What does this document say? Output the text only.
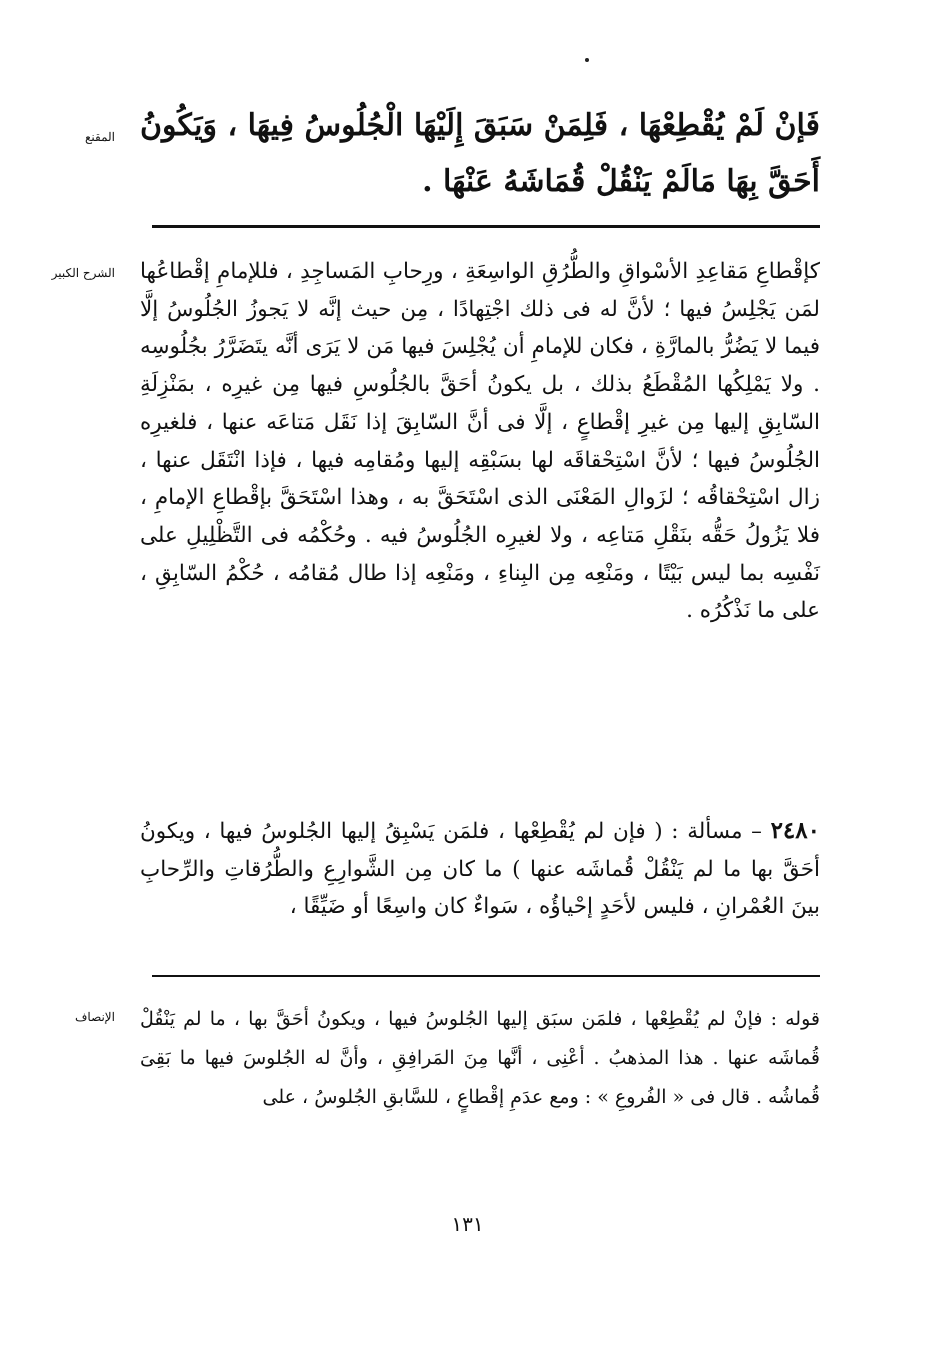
المقنع فَإنْ لَمْ يُقْطِعْهَا ، فَلِمَنْ سَبَقَ إِلَيْهَا الْجُلُوسُ فِيهَا ، وَيَكُونُ أَحَقَّ بِهَا مَالَمْ يَنْقُلْ قُمَاشَهُ عَنْهَا .

الشرح الكبير كإقْطاعِ مَقاعِدِ الأسْواقِ والطُّرُقِ الواسِعَةِ ، ورِحابِ المَساجِدِ ، فللإمامِ إقْطاعُها لمَن يَجْلِسُ فيها ؛ لأنَّ له فى ذلك اجْتِهادًا ، مِن حيث إنَّه لا يَجوزُ الجُلُوسُ إلَّا فيما لا يَضُرُّ بالمارَّةِ ، فكان للإمامِ أن يُجْلِسَ فيها مَن لا يَرَى أنَّه يتَضَرَّرُ بجُلُوسِه . ولا يَمْلِكُها المُقْطَعُ بذلك ، بل يكونُ أحَقَّ بالجُلُوسِ فيها مِن غيرِه ، بمَنْزِلَةِ السّابِقِ إليها مِن غيرِ إقْطاعٍ ، إلَّا فى أنَّ السّابِقَ إذا نَقَل مَتاعَه عنها ، فلغيرِه الجُلُوسُ فيها ؛ لأنَّ اسْتِحْقاقَه لها بسَبْقِه إليها ومُقامِه فيها ، فإذا انْتَقَل عنها ، زال اسْتِحْقاقُه ؛ لزَوالِ المَعْنَى الذى اسْتَحَقَّ به ، وهذا اسْتَحَقَّ بإقْطاعِ الإمامِ ، فلا يَزُولُ حَقُّه بنَقْلِ مَتاعِه ، ولا لغيرِه الجُلُوسُ فيه . وحُكْمُه فى التَّظْلِيلِ على نَفْسِه بما ليس بَيْتًا ، ومَنْعِه مِن البِناءِ ، ومَنْعِه إذا طال مُقامُه ، حُكْمُ السّابِقِ ، على ما نَذْكُرُه .

٢٤٨٠ – مسألة : ( فإن لم يُقْطِعْها ، فلمَن يَسْبِقُ إليها الجُلوسُ فيها ، ويكونُ أحَقَّ بها ما لم يَنْقُلْ قُماشَه عنها ) ما كان مِن الشَّوارِعِ والطُّرُقاتِ والرِّحابِ بينَ العُمْرانِ ، فليس لأحَدٍ إحْياؤُه ، سَواءٌ كان واسِعًا أو ضَيِّقًا ،

الإنصاف قوله : فإنْ لم يُقْطِعْها ، فلمَن سبَق إليها الجُلوسُ فيها ، ويكونُ أحَقَّ بها ، ما لم يَنْقُلْ قُماشَه عنها . هذا المذهبُ . أعْنِى ، أنَّها مِنَ المَرافِقِ ، وأنَّ له الجُلوسَ فيها ما بَقِىَ قُماشُه . قال فى « الفُروعِ » : ومع عدَمِ إقْطاعٍ ، للسَّابقِ الجُلوسُ ، على

١٣١
